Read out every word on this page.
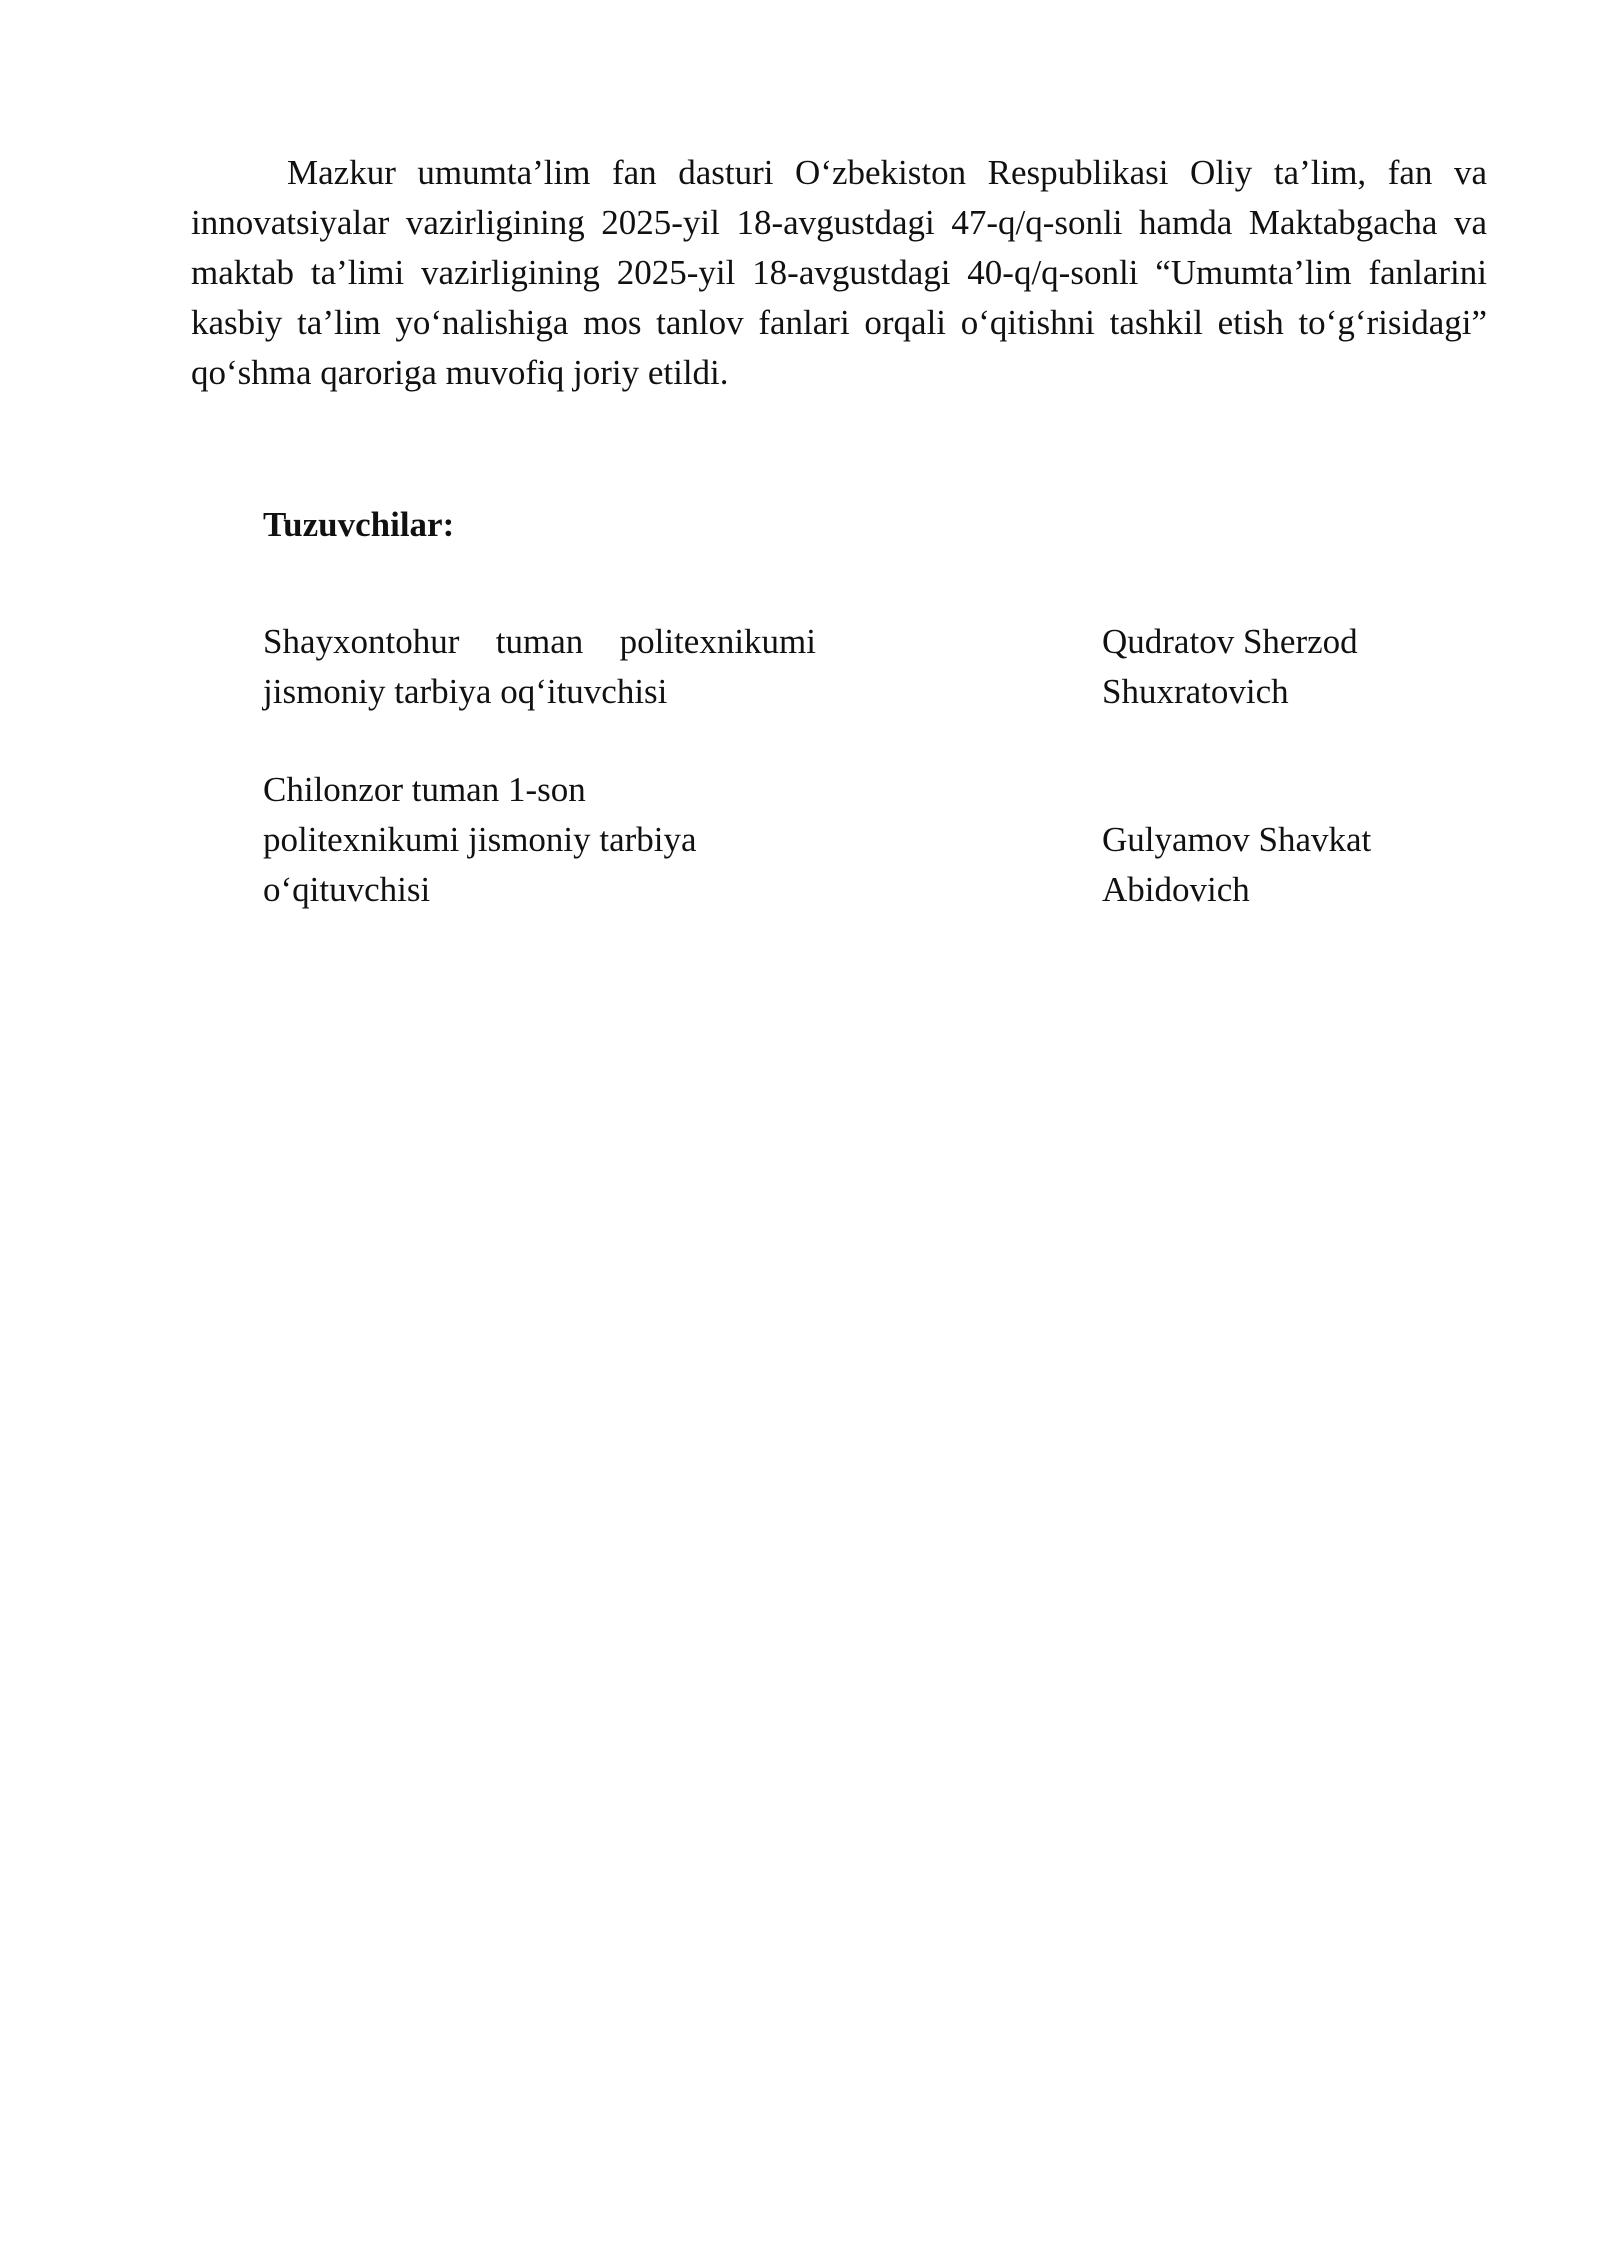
Mazkur umumta’lim fan dasturi O‘zbekiston Respublikasi Oliy ta’lim, fan va innovatsiyalar vazirligining 2025-yil 18-avgustdagi 47-q/q-sonli hamda Maktabgacha va maktab ta’limi vazirligining 2025-yil 18-avgustdagi 40-q/q-sonli “Umumta’lim fanlarini kasbiy ta’lim yo‘nalishiga mos tanlov fanlari orqali o‘qitishni tashkil etish to‘g‘risidagi” qo‘shma qaroriga muvofiq joriy etildi.

Tuzuvchilar:

Shayxontohur tuman politexnikumi
jismoniy tarbiya oq‘ituvchisi
Qudratov Sherzod
Shuxratovich
Chilonzor tuman 1-son
politexnikumi jismoniy tarbiya
o‘qituvchisi
Gulyamov Shavkat
Abidovich
